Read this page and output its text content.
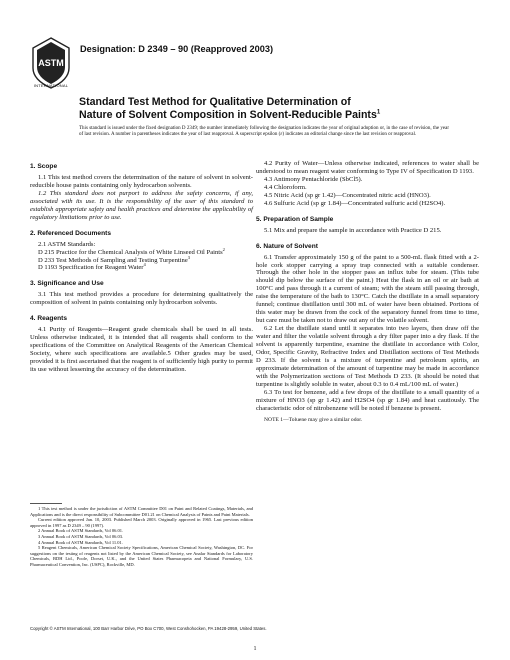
ASTM
INTERNATIONAL
Designation: D 2349 – 90 (Reapproved 2003)
Standard Test Method for Qualitative Determination of
Nature of Solvent Composition in Solvent-Reducible Paints$^1$
This standard is issued under the fixed designation D 2349; the number immediately following the designation indicates the year of original adoption or, in the case of revision, the year of last revision. A number in parentheses indicates the year of last reapproval. A superscript epsilon (ε) indicates an editorial change since the last revision or reapproval.
1. Scope

1.1 This test method covers the determination of the nature of solvent in solvent-reducible house paints containing only hydrocarbon solvents.

1.2 This standard does not purport to address the safety concerns, if any, associated with its use. It is the responsibility of the user of this standard to establish appropriate safety and health practices and determine the applicability of regulatory limitations prior to use.

2. Referenced Documents

2.1 ASTM Standards:

D 215 Practice for the Chemical Analysis of White Linseed Oil Paints$^2$

D 233 Test Methods of Sampling and Testing Turpentine$^3$

D 1193 Specification for Reagent Water$^4$

3. Significance and Use

3.1 This test method provides a procedure for determining qualitatively the composition of solvent in paints containing only hydrocarbon solvents.

4. Reagents

4.1 Purity of Reagents—Reagent grade chemicals shall be used in all tests. Unless otherwise indicated, it is intended that all reagents shall conform to the specifications of the Committee on Analytical Reagents of the American Chemical Society, where such specifications are available.5 Other grades may be used, provided it is first ascertained that the reagent is of sufficiently high purity to permit its use without lessening the accuracy of the determination.

4.2 Purity of Water—Unless otherwise indicated, references to water shall be understood to mean reagent water conforming to Type IV of Specification D 1193.

4.3 Antimony Pentachloride (SbCl5).

4.4 Chloroform.

4.5 Nitric Acid (sp gr 1.42)—Concentrated nitric acid (HNO3).

4.6 Sulfuric Acid (sp gr 1.84)—Concentrated sulfuric acid (H2SO4).

5. Preparation of Sample

5.1 Mix and prepare the sample in accordance with Practice D 215.

6. Nature of Solvent

6.1 Transfer approximately 150 g of the paint to a 500-mL flask fitted with a 2-hole cork stopper carrying a spray trap connected with a suitable condenser. Through the other hole in the stopper pass an influx tube for steam. (This tube should dip below the surface of the paint.) Heat the flask in an oil or air bath at 100°C and pass through it a current of steam; with the steam still passing through, raise the temperature of the bath to 130°C. Catch the distillate in a small separatory funnel; continue distillation until 300 mL of water have been obtained. Portions of this water may be drawn from the cock of the separatory funnel from time to time, but care must be taken not to draw out any of the volatile solvent.

6.2 Let the distillate stand until it separates into two layers, then draw off the water and filter the volatile solvent through a dry filter paper into a dry flask. If the solvent is apparently turpentine, examine the distillate in accordance with Color, Odor, Specific Gravity, Refractive Index and Distillation sections of Test Methods D 233. If the solvent is a mixture of turpentine and petroleum spirits, an approximate determination of the amount of turpentine may be made in accordance with the Polymerization sections of Test Methods D 233. (It should be noted that turpentine is slightly soluble in water, about 0.3 to 0.4 mL/100 mL of water.)

6.3 To test for benzene, add a few drops of the distillate to a small quantity of a mixture of HNO3 (sp gr 1.42) and H2SO4 (sp gr 1.84) and heat cautiously. The characteristic odor of nitrobenzene will be noted if benzene is present.

NOTE 1—Toluene may give a similar odor.

1 This test method is under the jurisdiction of ASTM Committee D01 on Paint and Related Coatings, Materials, and Applications and is the direct responsibility of Subcommittee D01.21 on Chemical Analysis of Paints and Paint Materials.

Current edition approved Jan. 10, 2003. Published March 2003. Originally approved in 1965. Last previous edition approved in 1997 as D 2349 – 90 (1997).

2 Annual Book of ASTM Standards, Vol 06.01.

3 Annual Book of ASTM Standards, Vol 06.03.

4 Annual Book of ASTM Standards, Vol 11.01.

5 Reagent Chemicals, American Chemical Society Specifications, American Chemical Society, Washington, DC. For suggestions on the testing of reagents not listed by the American Chemical Society, see Analar Standards for Laboratory Chemicals, BDH Ltd., Poole, Dorset, U.K., and the United States Pharmacopeia and National Formulary, U.S. Pharmaceutical Convention, Inc. (USPC), Rockville, MD.

Copyright © ASTM International, 100 Barr Harbor Drive, PO Box C700, West Conshohocken, PA 19428-2959, United States.
1
